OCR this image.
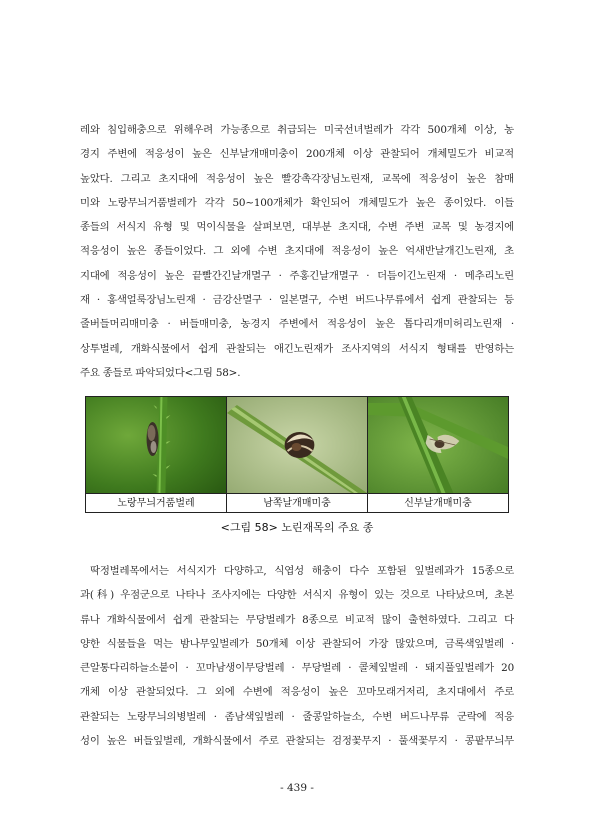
레와 침입해충으로 위해우려 가능종으로 취급되는 미국선녀벌레가 각각 500개체 이상, 농

경지 주변에 적응성이 높은 신부날개매미충이 200개체 이상 관찰되어 개체밀도가 비교적

높았다. 그리고 초지대에 적응성이 높은 빨강촉각장님노린재, 교목에 적응성이 높은 참매

미와 노랑무늬거품벌레가 각각 50∼100개체가 확인되어 개체밀도가 높은 종이었다. 이들

종들의 서식지 유형 및 먹이식물을 살펴보면, 대부분 초지대, 수변 주변 교목 및 농경지에

적응성이 높은 종들이었다. 그 외에 수변 초지대에 적응성이 높은 억새반날개긴노린재, 초

지대에 적응성이 높은 끝빨간긴날개멸구 · 주홍긴날개멸구 · 더듬이긴노린재 · 메추리노린

재 · 홍색얼룩장님노린재 · 금강산멸구 · 일본멸구, 수변 버드나무류에서 쉽게 관찰되는 등

줄버들머리매미충 · 버들매미충, 농경지 주변에서 적응성이 높은 톱다리개미허리노린재 ·

상투벌레, 개화식물에서 쉽게 관찰되는 애긴노린재가 조사지역의 서식지 형태를 반영하는

주요 종들로 파악되었다<그림 58>.

노랑무늬거품벌레	남쪽날개매미충	신부날개매미충
<그림 58> 노린재목의 주요 종

딱정벌레목에서는 서식지가 다양하고, 식엽성 해충이 다수 포함된 잎벌레과가 15종으로

과(科) 우점군으로 나타나 조사지에는 다양한 서식지 유형이 있는 것으로 나타났으며, 초본

류나 개화식물에서 쉽게 관찰되는 무당벌레가 8종으로 비교적 많이 출현하였다. 그리고 다

양한 식물들을 먹는 밤나무잎벌레가 50개체 이상 관찰되어 가장 많았으며, 금록색잎벌레 ·

큰알통다리하늘소붙이 · 꼬마남생이무당벌레 · 무당벌레 · 콜체잎벌레 · 돼지풀잎벌레가 20

개체 이상 관찰되었다. 그 외에 수변에 적응성이 높은 꼬마모래거저리, 초지대에서 주로

관찰되는 노랑무늬의병벌레 · 좀남색잎벌레 · 줄콩알하늘소, 수변 버드나무류 군락에 적응

성이 높은 버들잎벌레, 개화식물에서 주로 관찰되는 검정꽃무지 · 풀색꽃무지 · 콩팥무늬무

- 439 -
